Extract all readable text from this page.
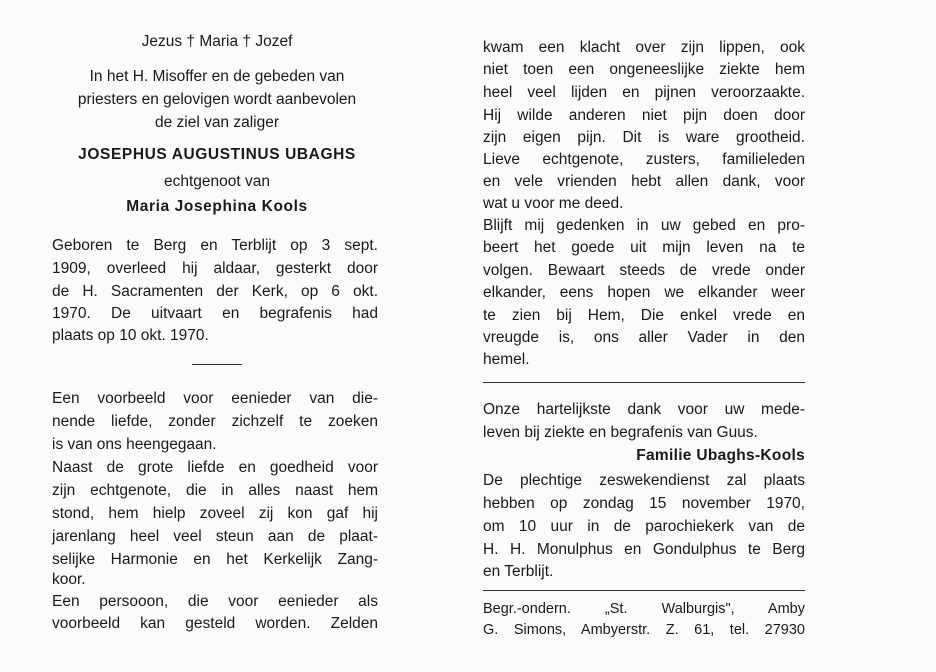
Jezus † Maria † Jozef
In het H. Misoffer en de gebeden van
priesters en gelovigen wordt aanbevolen
de ziel van zaliger
JOSEPHUS AUGUSTINUS UBAGHS
echtgenoot van
Maria Josephina Kools
Geboren te Berg en Terblijt op 3 sept.
1909, overleed hij aldaar, gesterkt door
de H. Sacramenten der Kerk, op 6 okt.
1970. De uitvaart en begrafenis had
plaats op 10 okt. 1970.
Een voorbeeld voor eenieder van die-
nende liefde, zonder zichzelf te zoeken
is van ons heengegaan.
Naast de grote liefde en goedheid voor
zijn echtgenote, die in alles naast hem
stond, hem hielp zoveel zij kon gaf hij
jarenlang heel veel steun aan de plaat-
selijke Harmonie en het Kerkelijk Zang-
koor.
Een persooon, die voor eenieder als
voorbeeld kan gesteld worden. Zelden
kwam een klacht over zijn lippen, ook
niet toen een ongeneeslijke ziekte hem
heel veel lijden en pijnen veroorzaakte.
Hij wilde anderen niet pijn doen door
zijn eigen pijn. Dit is ware grootheid.
Lieve echtgenote, zusters, familieleden
en vele vrienden hebt allen dank, voor
wat u voor me deed.
Blijft mij gedenken in uw gebed en pro-
beert het goede uit mijn leven na te
volgen. Bewaart steeds de vrede onder
elkander, eens hopen we elkander weer
te zien bij Hem, Die enkel vrede en
vreugde is, ons aller Vader in den
hemel.
Onze hartelijkste dank voor uw mede-
leven bij ziekte en begrafenis van Guus.
Familie Ubaghs-Kools
De plechtige zeswekendienst zal plaats
hebben op zondag 15 november 1970,
om 10 uur in de parochiekerk van de
H. H. Monulphus en Gondulphus te Berg
en Terblijt.
Begr.-ondern. „St. Walburgis", Amby
G. Simons, Ambyerstr. Z. 61, tel. 27930
